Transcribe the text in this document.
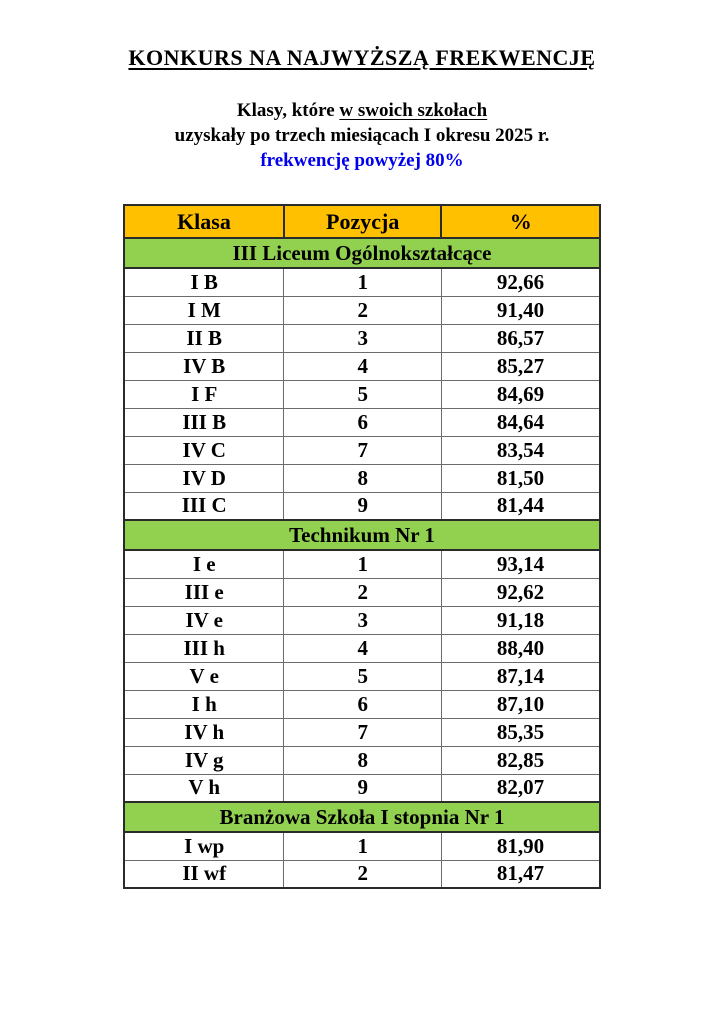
KONKURS NA NAJWYŻSZĄ FREKWENCJĘ
Klasy, które w swoich szkołach
uzyskały po trzech miesiącach I okresu 2025 r.
frekwencję powyżej 80%
Klasa	Pozycja	%
III Liceum Ogólnokształcące		
I B	1	92,66
I M	2	91,40
II B	3	86,57
IV B	4	85,27
I F	5	84,69
III B	6	84,64
IV C	7	83,54
IV D	8	81,50
III C	9	81,44
Technikum Nr 1		
I e	1	93,14
III e	2	92,62
IV e	3	91,18
III h	4	88,40
V e	5	87,14
I h	6	87,10
IV h	7	85,35
IV g	8	82,85
V h	9	82,07
Branżowa Szkoła I stopnia Nr 1		
I wp	1	81,90
II wf	2	81,47
